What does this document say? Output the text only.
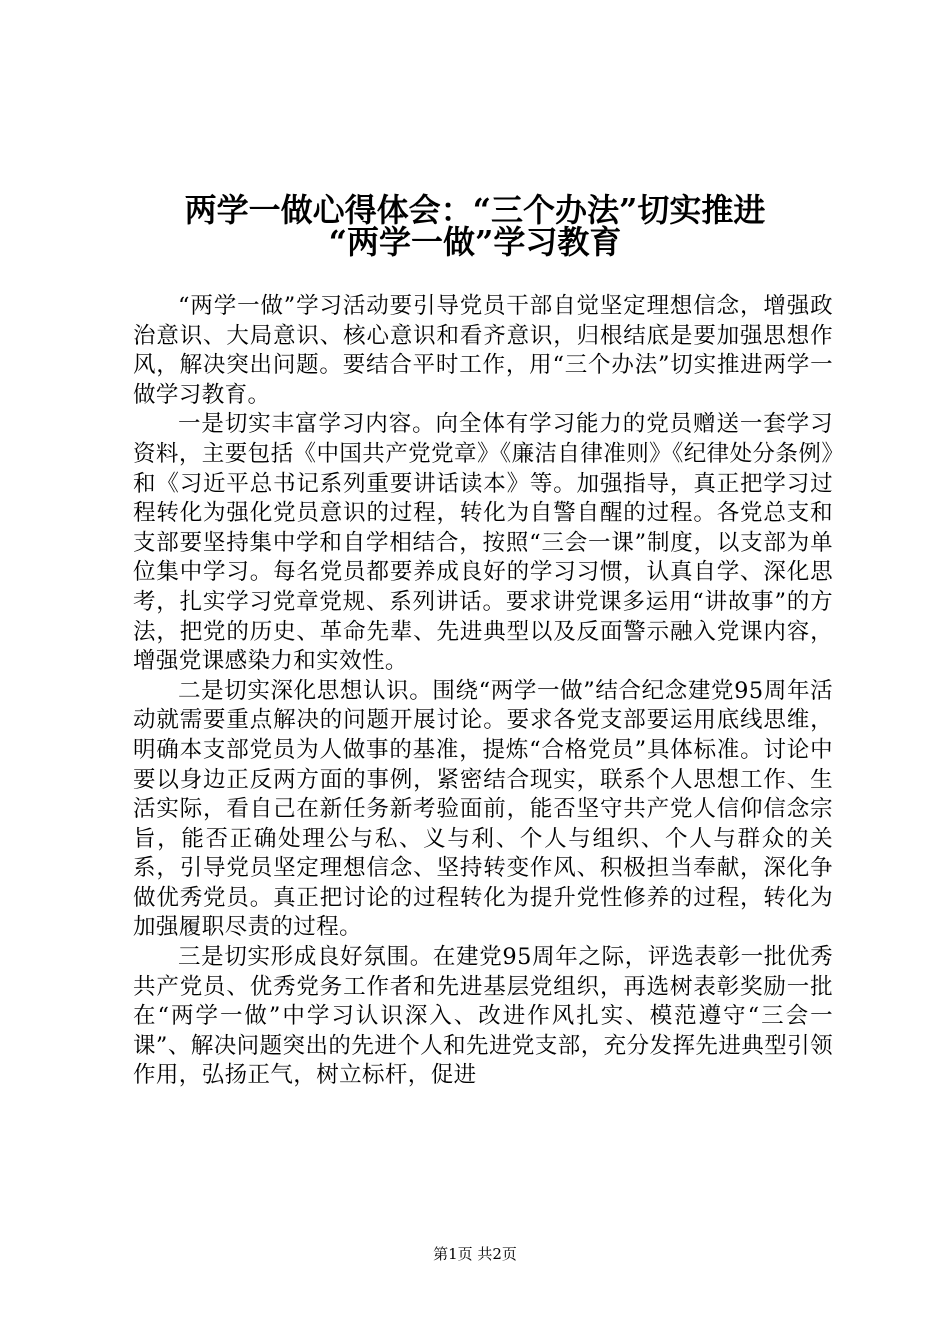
两学一做心得体会：“三个办法”切实推进
“两学一做”学习教育

“两学一做”学习活动要引导党员干部自觉坚定理想信念，增强政治意识、大局意识、核心意识和看齐意识，归根结底是要加强思想作风，解决突出问题。要结合平时工作，用“三个办法”切实推进两学一做学习教育。

一是切实丰富学习内容。向全体有学习能力的党员赠送一套学习资料，主要包括《中国共产党党章》《廉洁自律准则》《纪律处分条例》和《习近平总书记系列重要讲话读本》等。加强指导，真正把学习过程转化为强化党员意识的过程，转化为自警自醒的过程。各党总支和支部要坚持集中学和自学相结合，按照“三会一课”制度，以支部为单位集中学习。每名党员都要养成良好的学习习惯，认真自学、深化思考，扎实学习党章党规、系列讲话。要求讲党课多运用“讲故事”的方法，把党的历史、革命先辈、先进典型以及反面警示融入党课内容，增强党课感染力和实效性。

二是切实深化思想认识。围绕“两学一做”结合纪念建党95周年活动就需要重点解决的问题开展讨论。要求各党支部要运用底线思维，明确本支部党员为人做事的基准，提炼“合格党员”具体标准。讨论中要以身边正反两方面的事例，紧密结合现实，联系个人思想工作、生活实际，看自己在新任务新考验面前，能否坚守共产党人信仰信念宗旨，能否正确处理公与私、义与利、个人与组织、个人与群众的关系，引导党员坚定理想信念、坚持转变作风、积极担当奉献，深化争做优秀党员。真正把讨论的过程转化为提升党性修养的过程，转化为加强履职尽责的过程。

三是切实形成良好氛围。在建党95周年之际，评选表彰一批优秀共产党员、优秀党务工作者和先进基层党组织，再选树表彰奖励一批在“两学一做”中学习认识深入、改进作风扎实、模范遵守“三会一课”、解决问题突出的先进个人和先进党支部，充分发挥先进典型引领作用，弘扬正气，树立标杆，促进

第1页 共2页
